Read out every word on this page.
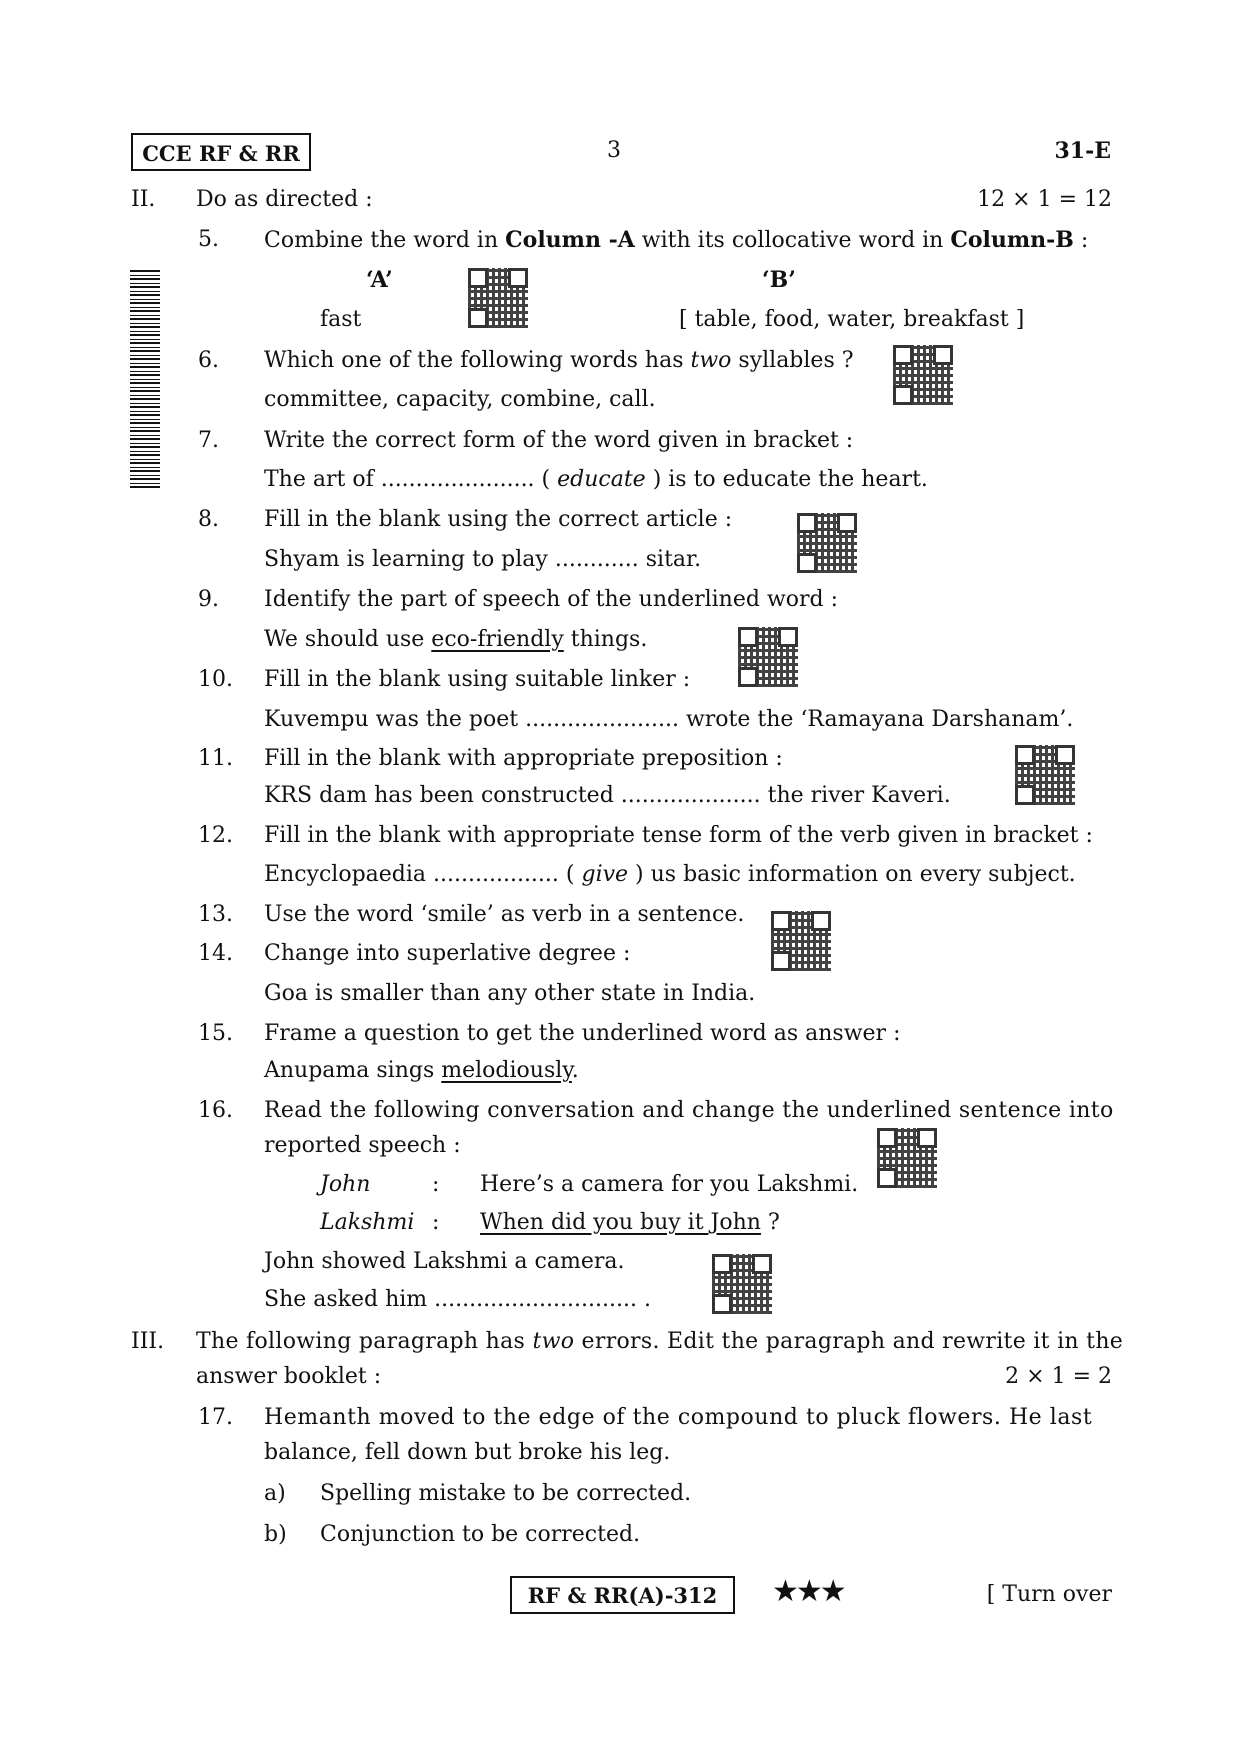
CCE RF & RR	3	31-E
II. Do as directed :	12 × 1 = 12
5. Combine the word in Column -A with its collocative word in Column-B :
‘A’	‘B’
fast	[ table, food, water, breakfast ]
6. Which one of the following words has two syllables ?
committee, capacity, combine, call.
7. Write the correct form of the word given in bracket :
The art of ...................... ( educate ) is to educate the heart.
8. Fill in the blank using the correct article :
Shyam is learning to play ............ sitar.
9. Identify the part of speech of the underlined word :
We should use eco-friendly things.
10. Fill in the blank using suitable linker :
Kuvempu was the poet ...................... wrote the ‘Ramayana Darshanam’.
11. Fill in the blank with appropriate preposition :
KRS dam has been constructed .................... the river Kaveri.
12. Fill in the blank with appropriate tense form of the verb given in bracket :
Encyclopaedia .................. ( give ) us basic information on every subject.
13. Use the word ‘smile’ as verb in a sentence.
14. Change into superlative degree :
Goa is smaller than any other state in India.
15. Frame a question to get the underlined word as answer :
Anupama sings melodiously.
16. Read the following conversation and change the underlined sentence into
reported speech :
John	: Here’s a camera for you Lakshmi.
Lakshmi : When did you buy it John ?
John showed Lakshmi a camera.
She asked him ............................. .
III. The following paragraph has two errors. Edit the paragraph and rewrite it in the
answer booklet :	2 × 1 = 2
17. Hemanth moved to the edge of the compound to pluck flowers. He last
balance, fell down but broke his leg.
a) Spelling mistake to be corrected.
b) Conjunction to be corrected.
RF & RR(A)-312	★★★	[ Turn over
